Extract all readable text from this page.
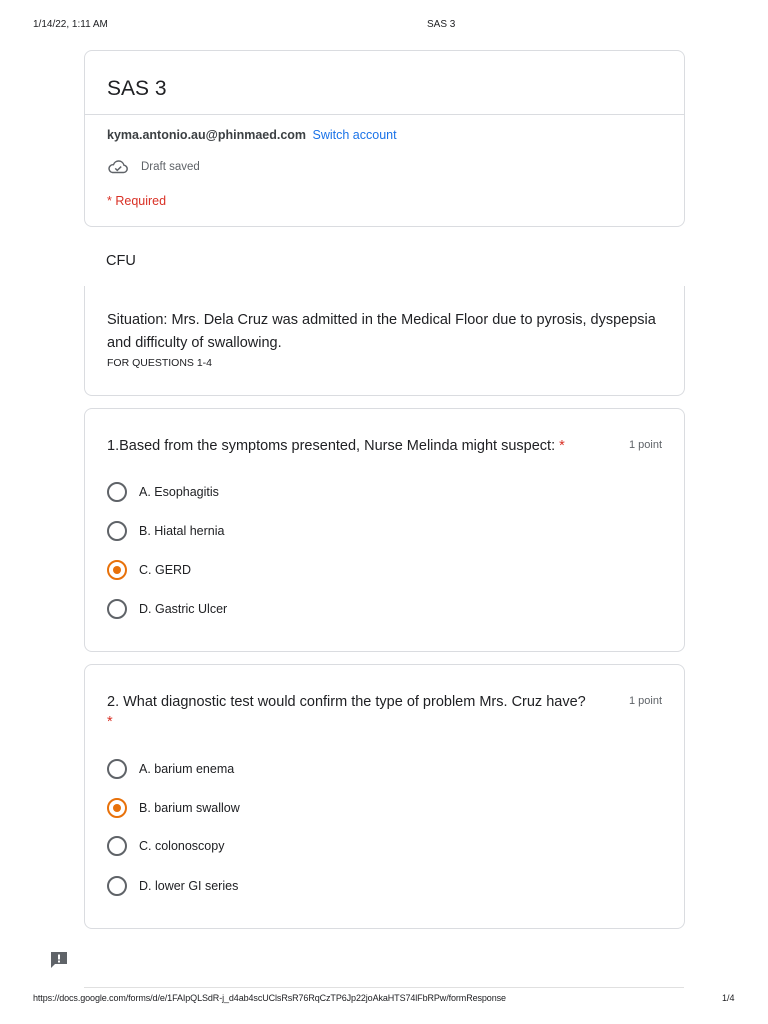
1/14/22, 1:11 AM	SAS 3
SAS 3
kyma.antonio.au@phinmaed.com Switch account
Draft saved
* Required
CFU
Situation: Mrs. Dela Cruz was admitted in the Medical Floor due to pyrosis, dyspepsia and difficulty of swallowing.
FOR QUESTIONS 1-4
1.Based from the symptoms presented, Nurse Melinda might suspect: *	1 point
A. Esophagitis
B. Hiatal hernia
C. GERD
D. Gastric Ulcer
2. What diagnostic test would confirm the type of problem Mrs. Cruz have?
*
1 point
A. barium enema
B. barium swallow
C. colonoscopy
D. lower GI series
https://docs.google.com/forms/d/e/1FAIpQLSdR-j_d4ab4scUClsRsR76RqCzTP6Jp22joAkaHTS74lFbRPw/formResponse	1/4
